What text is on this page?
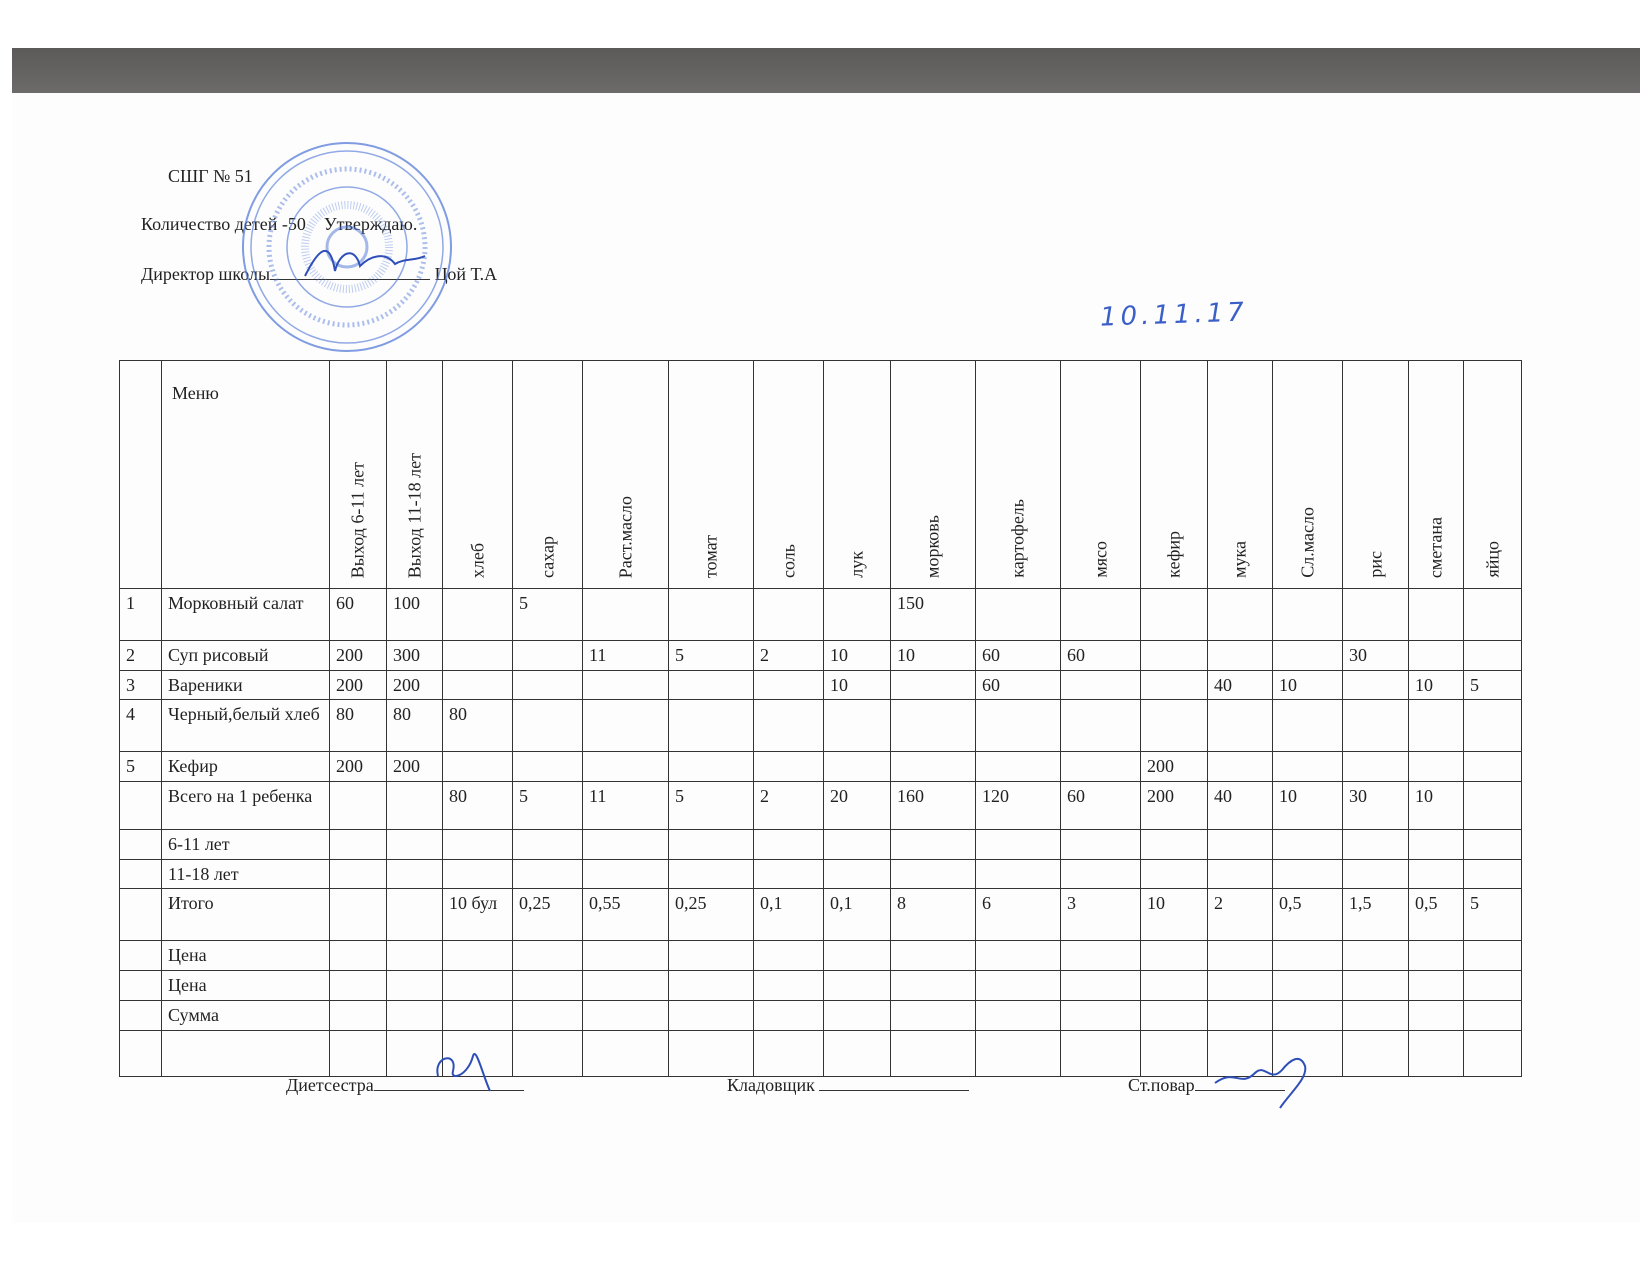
СШГ № 51
Количество детей -50 Утверждаю.
Директор школы	Цой Т.А
10.11.17
	Меню	Выход 6-11 лет	Выход 11-18 лет	хлеб	сахар	Раст.масло	томат	соль	лук	морковь	картофель	мясо	кефир	мука	Сл.масло	рис	сметана	яйцо

1	Морковный салат	60	100		5					150								
2	Суп рисовый	200	300			11	5	2	10	10	60	60				30		
3	Вареники	200	200						10		60			40	10		10	5
4	Черный,белый хлеб	80	80	80														
5	Кефир	200	200										200					
	Всего на 1 ребенка			80	5	11	5	2	20	160	120	60	200	40	10	30	10	
	6-11 лет																	
	11-18 лет																	
	Итого			10 бул	0,25	0,55	0,25	0,1	0,1	8	6	3	10	2	0,5	1,5	0,5	5
	Цена																	
	Цена																	
	Сумма																	

Диетсестра	Кладовщик	Ст.повар
